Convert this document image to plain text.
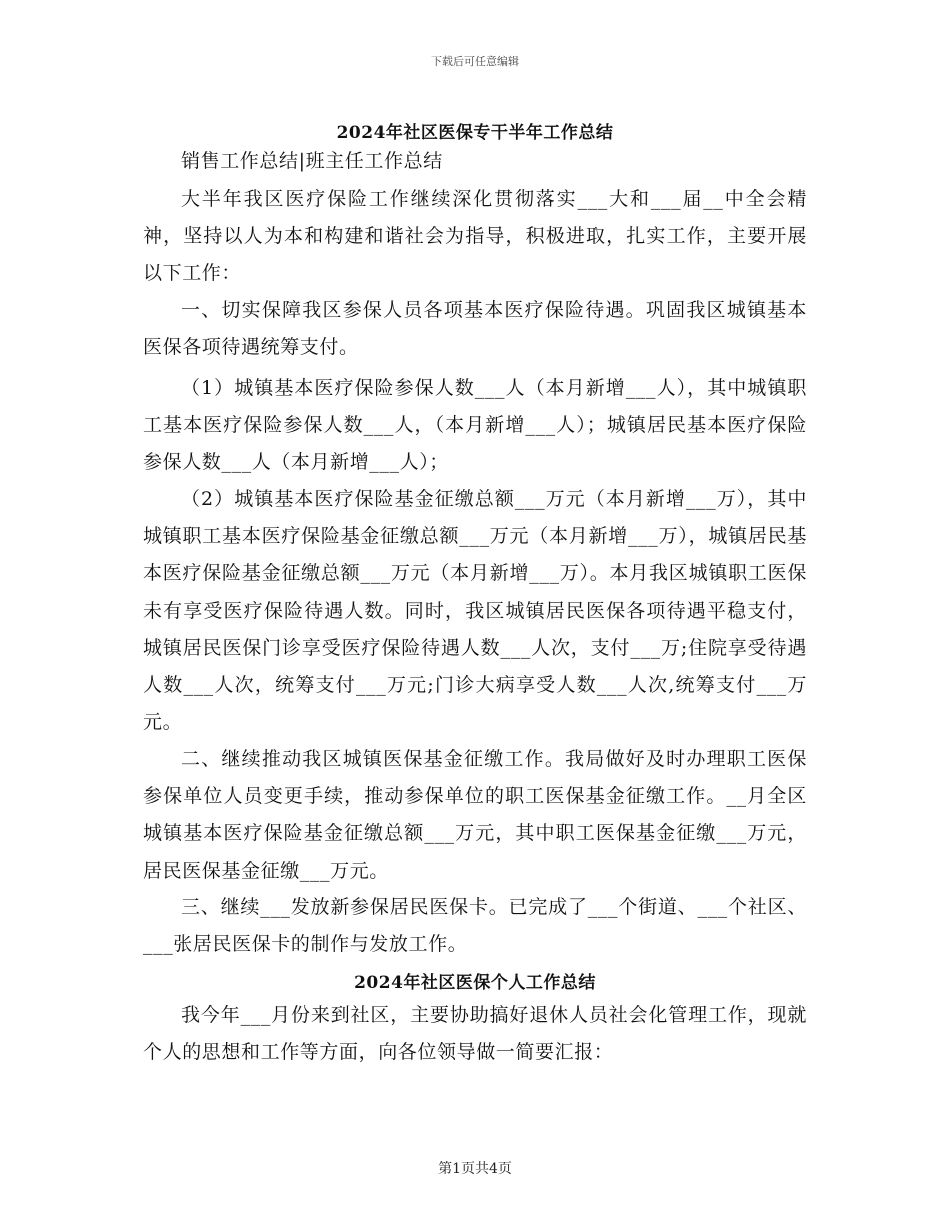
下载后可任意编辑
2024年社区医保专干半年工作总结
销售工作总结|班主任工作总结
大半年我区医疗保险工作继续深化贯彻落实___大和___届__中全会精神，坚持以人为本和构建和谐社会为指导，积极进取，扎实工作，主要开展以下工作：
一、切实保障我区参保人员各项基本医疗保险待遇。巩固我区城镇基本医保各项待遇统筹支付。
（1）城镇基本医疗保险参保人数___人（本月新增___人），其中城镇职工基本医疗保险参保人数___人，（本月新增___人）；城镇居民基本医疗保险参保人数___人（本月新增___人）；
（2）城镇基本医疗保险基金征缴总额___万元（本月新增___万），其中城镇职工基本医疗保险基金征缴总额___万元（本月新增___万），城镇居民基本医疗保险基金征缴总额___万元（本月新增___万）。本月我区城镇职工医保未有享受医疗保险待遇人数。同时，我区城镇居民医保各项待遇平稳支付，城镇居民医保门诊享受医疗保险待遇人数___人次，支付___万;住院享受待遇人数___人次，统筹支付___万元;门诊大病享受人数___人次,统筹支付___万元。
二、继续推动我区城镇医保基金征缴工作。我局做好及时办理职工医保参保单位人员变更手续，推动参保单位的职工医保基金征缴工作。__月全区城镇基本医疗保险基金征缴总额___万元，其中职工医保基金征缴___万元，居民医保基金征缴___万元。
三、继续___发放新参保居民医保卡。已完成了___个街道、___个社区、___张居民医保卡的制作与发放工作。
2024年社区医保个人工作总结
我今年___月份来到社区，主要协助搞好退休人员社会化管理工作，现就个人的思想和工作等方面，向各位领导做一简要汇报：
第1页共4页
